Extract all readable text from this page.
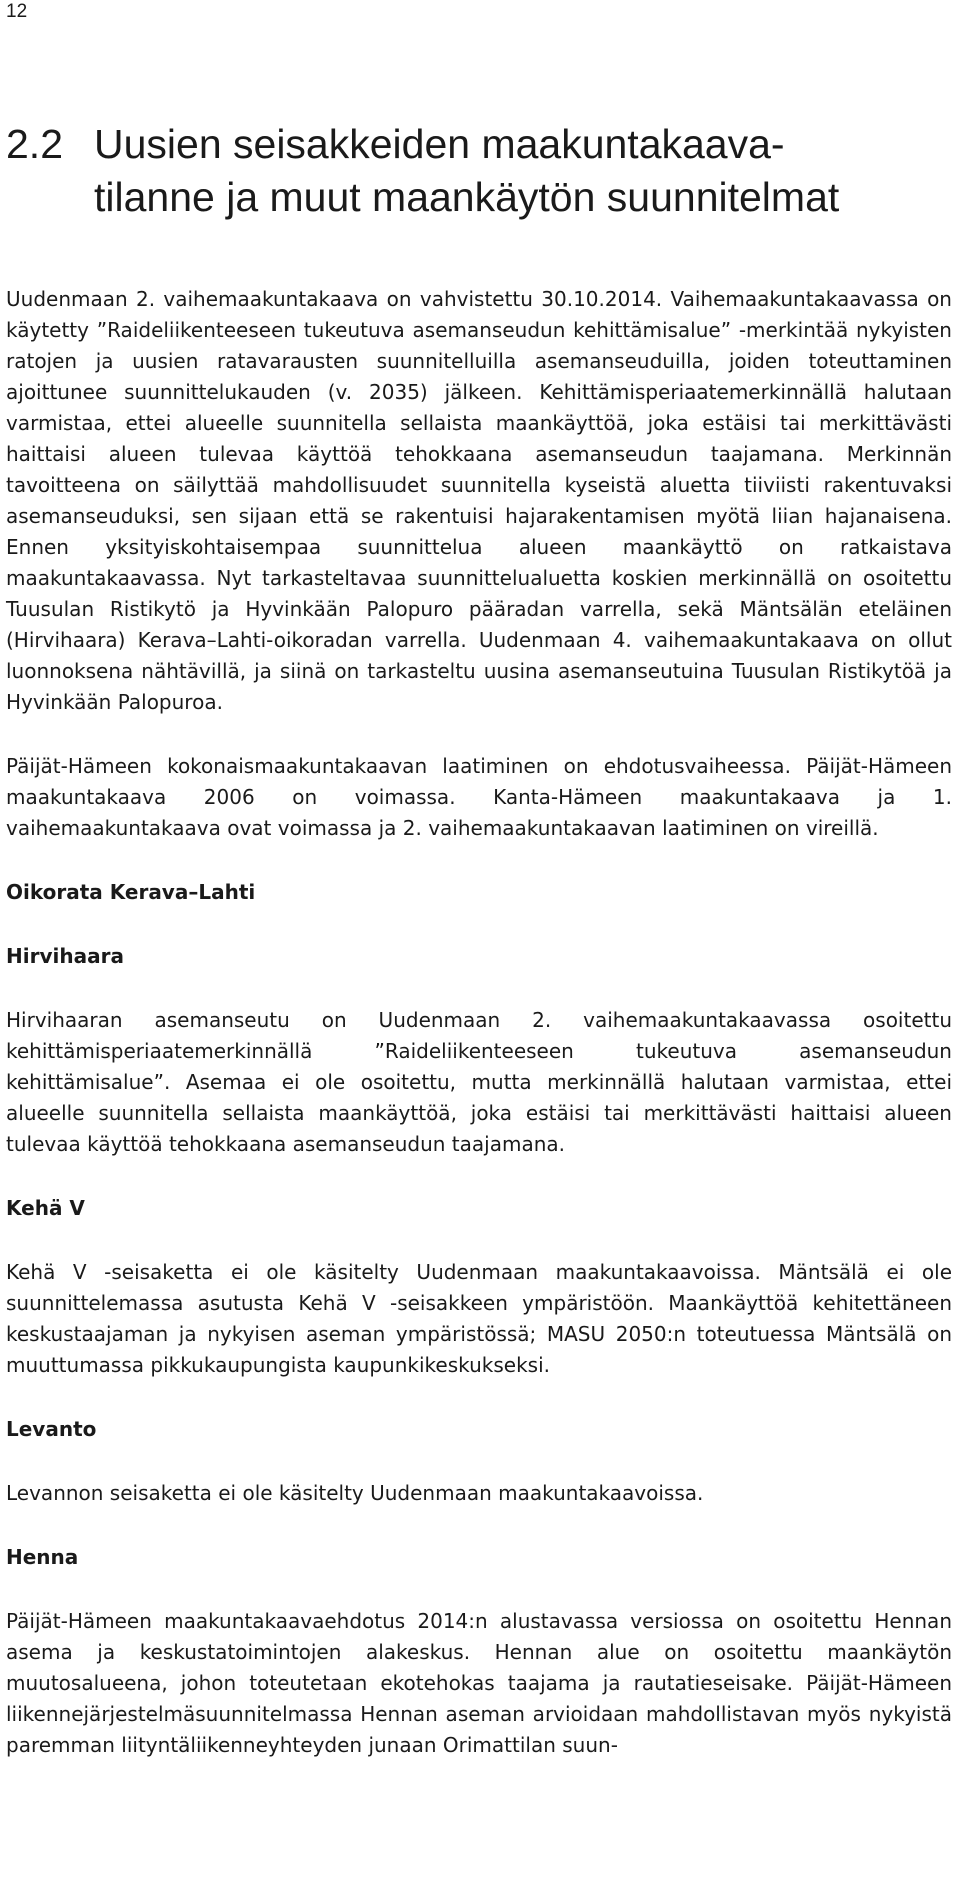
12
2.2 Uusien seisakkeiden maakuntakaava-
tilanne ja muut maankäytön suunnitelmat

Uudenmaan 2. vaihemaakuntakaava on vahvistettu 30.10.2014. Vaihemaakuntakaavassa on käytetty ”Raideliikenteeseen tukeutuva asemanseudun kehittämisalue” -merkintää nykyisten ratojen ja uusien ratavarausten suunnitelluilla asemanseuduilla, joiden toteuttaminen ajoittunee suunnittelukauden (v. 2035) jälkeen. Kehittämisperiaatemerkinnällä halutaan varmistaa, ettei alueelle suunnitella sellaista maankäyttöä, joka estäisi tai merkittävästi haittaisi alueen tulevaa käyttöä tehokkaana asemanseudun taajamana. Merkinnän tavoitteena on säilyttää mahdollisuudet suunnitella kyseistä aluetta tiiviisti rakentuvaksi asemanseuduksi, sen sijaan että se rakentuisi hajarakentamisen myötä liian hajanaisena. Ennen yksityiskohtaisempaa suunnittelua alueen maankäyttö on ratkaistava maakuntakaavassa. Nyt tarkasteltavaa suunnittelualuetta koskien merkinnällä on osoitettu Tuusulan Ristikytö ja Hyvinkään Palopuro pääradan varrella, sekä Mäntsälän eteläinen (Hirvihaara) Kerava–Lahti-oikoradan varrella. Uudenmaan 4. vaihemaakuntakaava on ollut luonnoksena nähtävillä, ja siinä on tarkasteltu uusina asemanseutuina Tuusulan Ristikytöä ja Hyvinkään Palopuroa.

Päijät-Hämeen kokonaismaakuntakaavan laatiminen on ehdotusvaiheessa. Päijät-Hämeen maakuntakaava 2006 on voimassa. Kanta-Hämeen maakuntakaava ja 1. vaihemaakuntakaava ovat voimassa ja 2. vaihemaakuntakaavan laatiminen on vireillä.

Oikorata Kerava–Lahti

Hirvihaara

Hirvihaaran asemanseutu on Uudenmaan 2. vaihemaakuntakaavassa osoitettu kehittämisperiaatemerkinnällä ”Raideliikenteeseen tukeutuva asemanseudun kehittämisalue”. Asemaa ei ole osoitettu, mutta merkinnällä halutaan varmistaa, ettei alueelle suunnitella sellaista maankäyttöä, joka estäisi tai merkittävästi haittaisi alueen tulevaa käyttöä tehokkaana asemanseudun taajamana.

Kehä V

Kehä V -seisaketta ei ole käsitelty Uudenmaan maakuntakaavoissa. Mäntsälä ei ole suunnittelemassa asutusta Kehä V -seisakkeen ympäristöön. Maankäyttöä kehitettäneen keskustaajaman ja nykyisen aseman ympäristössä; MASU 2050:n toteutuessa Mäntsälä on muuttumassa pikkukaupungista kaupunkikeskukseksi.

Levanto

Levannon seisaketta ei ole käsitelty Uudenmaan maakuntakaavoissa.

Henna

Päijät-Hämeen maakuntakaavaehdotus 2014:n alustavassa versiossa on osoitettu Hennan asema ja keskustatoimintojen alakeskus. Hennan alue on osoitettu maankäytön muutosalueena, johon toteutetaan ekotehokas taajama ja rautatieseisake. Päijät-Hämeen liikennejärjestelmäsuunnitelmassa Hennan aseman arvioidaan mahdollistavan myös nykyistä paremman liityntäliikenneyhteyden junaan Orimattilan suun-
